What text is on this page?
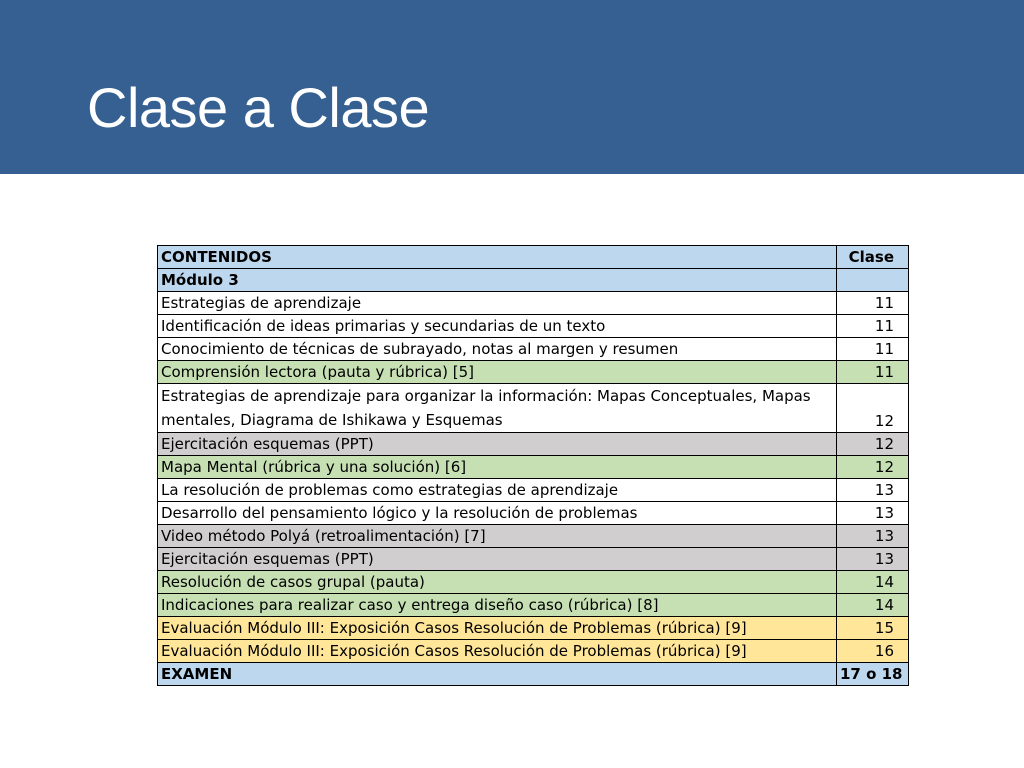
Clase a Clase
CONTENIDOS	Clase
Módulo 3	
Estrategias de aprendizaje	11
Identificación de ideas primarias y secundarias de un texto	11
Conocimiento de técnicas de subrayado, notas al margen y resumen	11
Comprensión lectora (pauta y rúbrica) [5]	11
Estrategias de aprendizaje para organizar la información: Mapas Conceptuales, Mapas mentales, Diagrama de Ishikawa y Esquemas	12
Ejercitación esquemas (PPT)	12
Mapa Mental (rúbrica y una solución) [6]	12
La resolución de problemas como estrategias de aprendizaje	13
Desarrollo del pensamiento lógico y la resolución de problemas	13
Video método Polyá (retroalimentación) [7]	13
Ejercitación esquemas (PPT)	13
Resolución de casos grupal (pauta)	14
Indicaciones para realizar caso y entrega diseño caso (rúbrica) [8]	14
Evaluación Módulo III: Exposición Casos Resolución de Problemas (rúbrica) [9]	15
Evaluación Módulo III: Exposición Casos Resolución de Problemas (rúbrica) [9]	16
EXAMEN	17 o 18
